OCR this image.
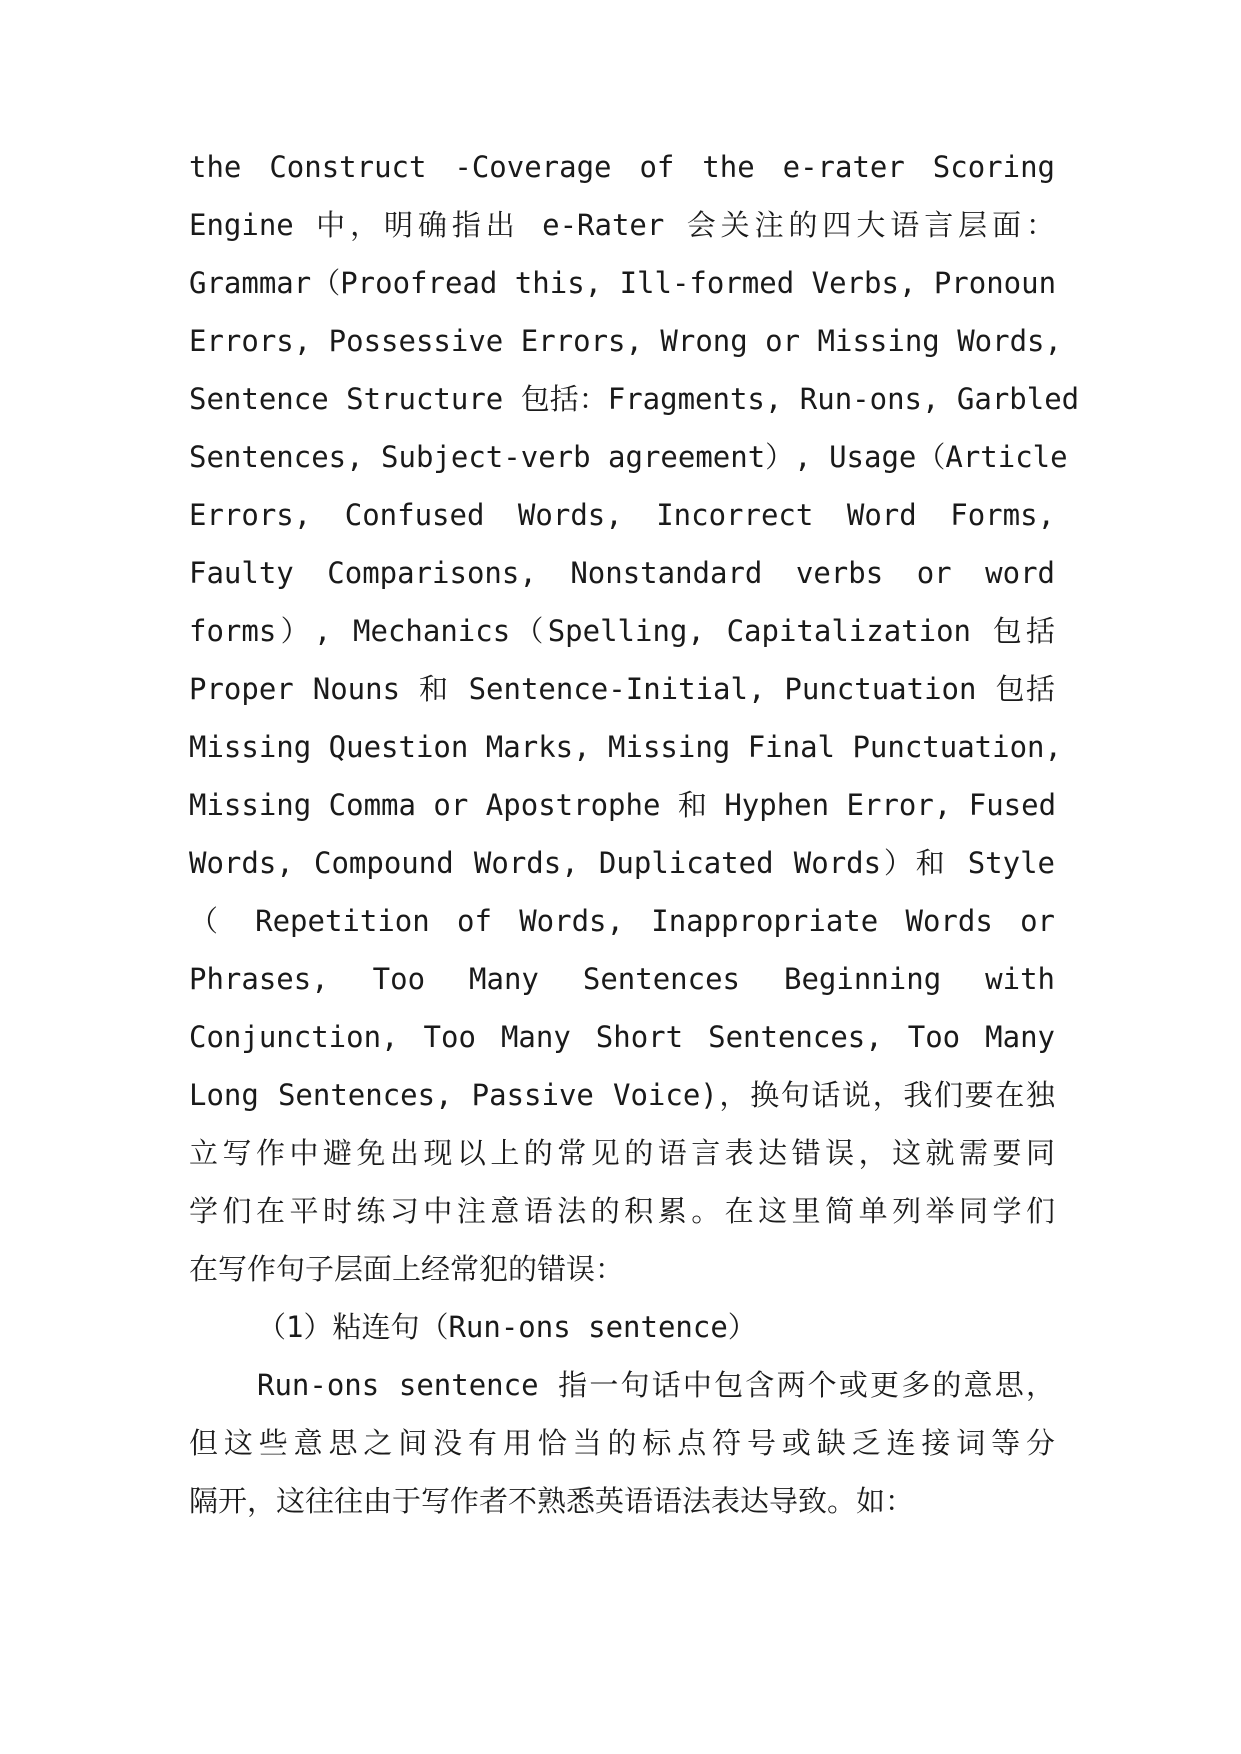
the Construct -Coverage of the e-rater Scoring
Engine 中，明确指出 e-Rater 会关注的四大语言层面：
Grammar（Proofread this, Ill-formed Verbs, Pronoun
Errors, Possessive Errors, Wrong or Missing Words,
Sentence Structure 包括：Fragments, Run-ons, Garbled
Sentences, Subject-verb agreement）, Usage（Article
Errors, Confused Words, Incorrect Word Forms,
Faulty Comparisons, Nonstandard verbs or word
forms）, Mechanics（Spelling, Capitalization 包括
Proper Nouns 和 Sentence-Initial, Punctuation 包括
Missing Question Marks, Missing Final Punctuation,
Missing Comma or Apostrophe 和 Hyphen Error, Fused
Words, Compound Words, Duplicated Words）和 Style
（ Repetition of Words, Inappropriate Words or
Phrases, Too Many Sentences Beginning with
Conjunction, Too Many Short Sentences, Too Many
Long Sentences, Passive Voice)，换句话说，我们要在独
立写作中避免出现以上的常见的语言表达错误，这就需要同
学们在平时练习中注意语法的积累。在这里简单列举同学们
在写作句子层面上经常犯的错误：
（1）粘连句（Run-ons sentence）
Run-ons sentence 指一句话中包含两个或更多的意思，
但这些意思之间没有用恰当的标点符号或缺乏连接词等分
隔开，这往往由于写作者不熟悉英语语法表达导致。如：
